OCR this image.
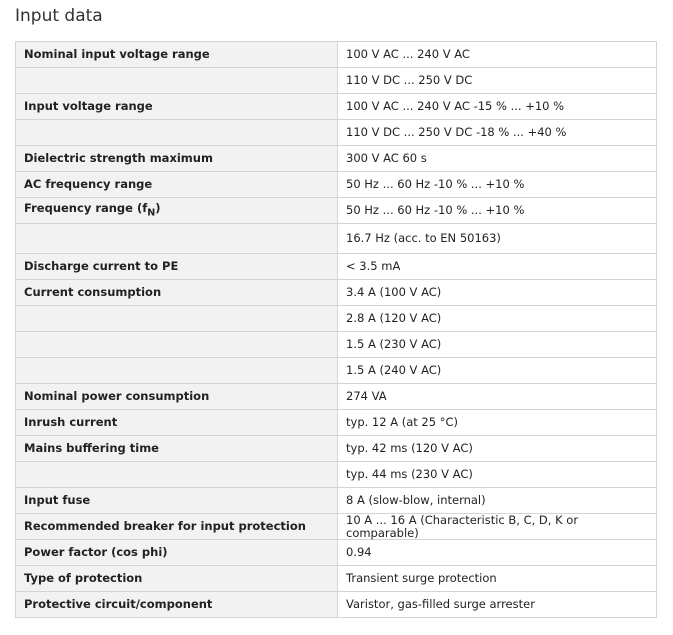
Input data
Nominal input voltage range	100 V AC ... 240 V AC
	110 V DC ... 250 V DC
Input voltage range	100 V AC ... 240 V AC -15 % ... +10 %
	110 V DC ... 250 V DC -18 % ... +40 %
Dielectric strength maximum	300 V AC 60 s
AC frequency range	50 Hz ... 60 Hz -10 % ... +10 %
Frequency range $(f_N)$	50 Hz ... 60 Hz -10 % ... +10 %
	16.7 Hz (acc. to EN 50163)
Discharge current to PE	< 3.5 mA
Current consumption	3.4 A (100 V AC)
	2.8 A (120 V AC)
	1.5 A (230 V AC)
	1.5 A (240 V AC)
Nominal power consumption	274 VA
Inrush current	typ. 12 A (at 25 °C)
Mains buffering time	typ. 42 ms (120 V AC)
	typ. 44 ms (230 V AC)
Input fuse	8 A (slow-blow, internal)
Recommended breaker for input protection	10 A ... 16 A (Characteristic B, C, D, K or comparable)
Power factor (cos phi)	0.94
Type of protection	Transient surge protection
Protective circuit/component	Varistor, gas-filled surge arrester
